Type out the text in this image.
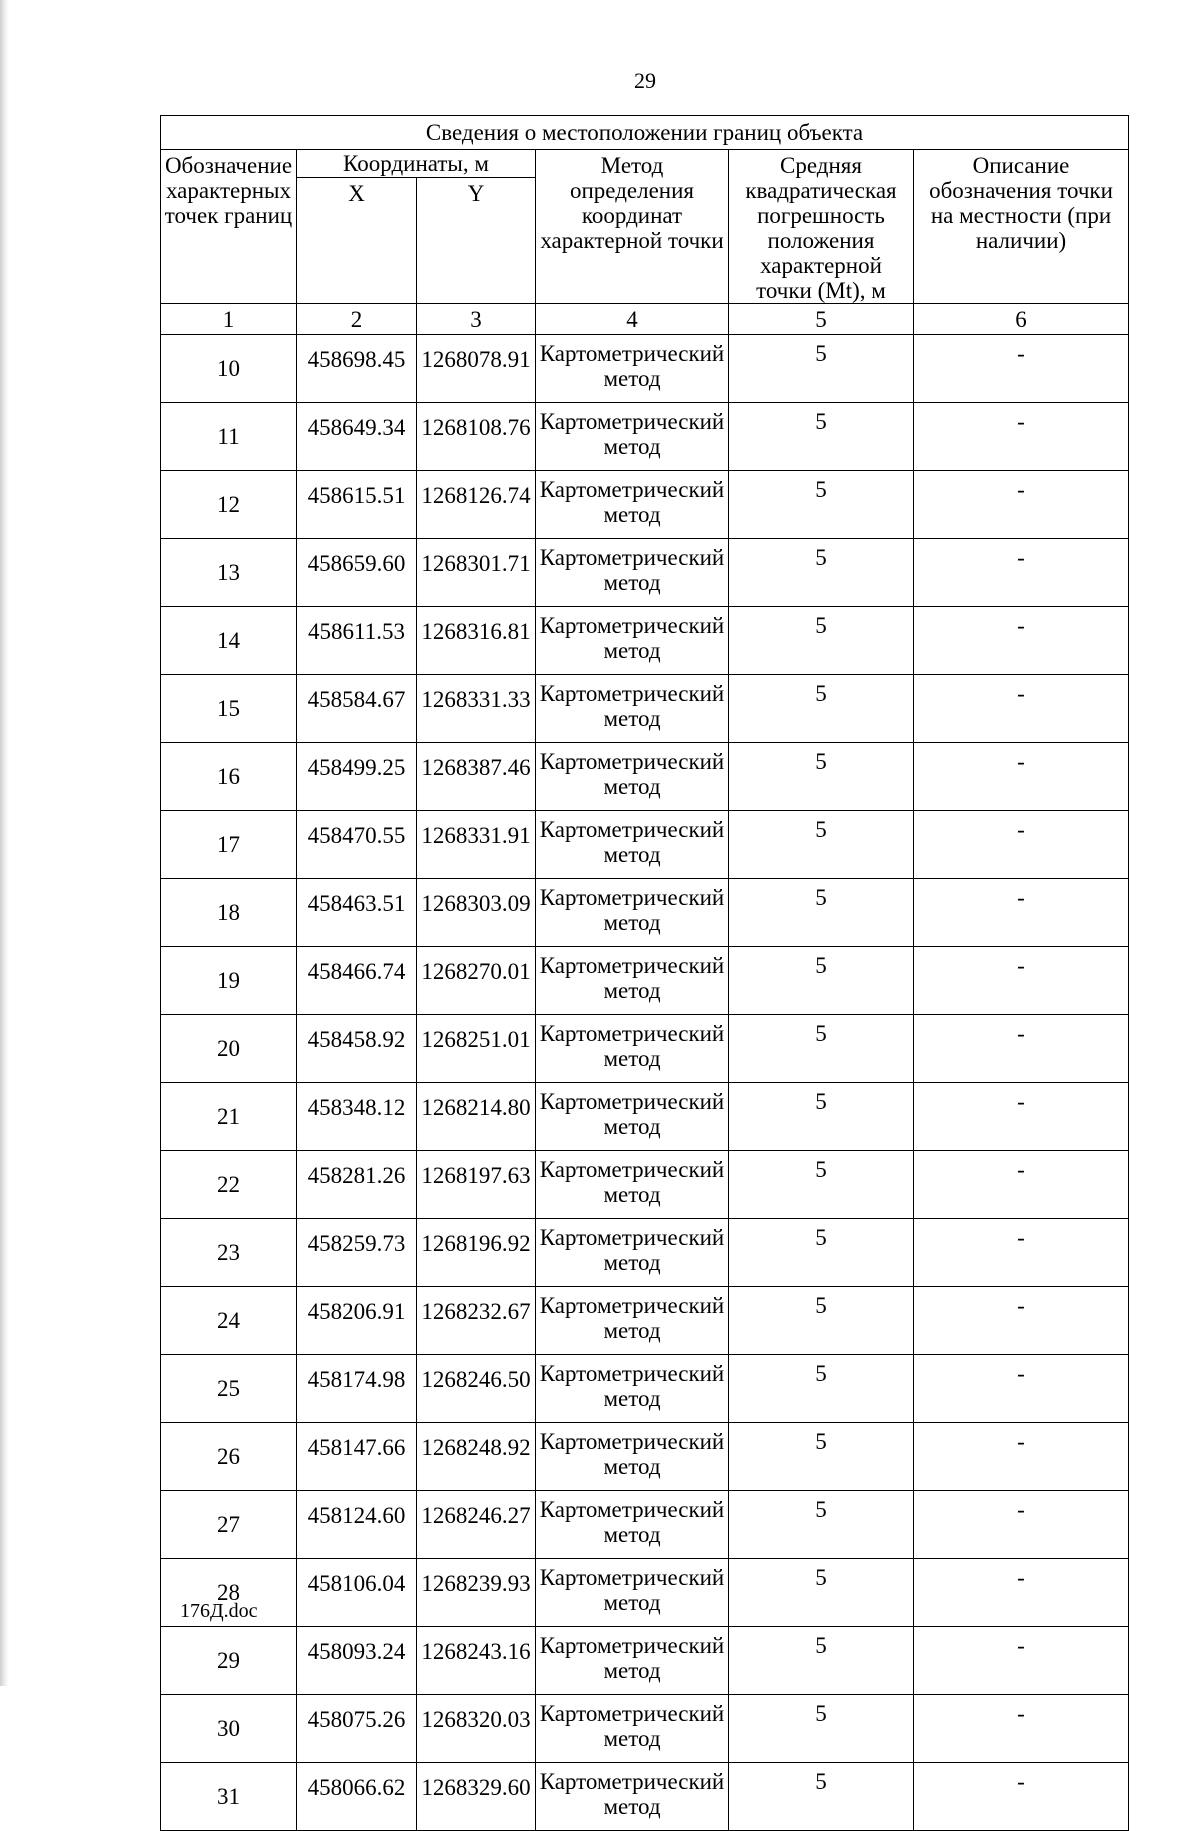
29
Сведения о местоположении границ объекта					
Обозначение характерных точек границ	Координаты, м		Метод определения координат характерной точки	Средняя квадратическая погрешность положения характерной точки (Mt), м	Описание обозначения точки на местности (при наличии)
	X	Y			
1	2	3	4	5	6
10	458698.45	1268078.91	Картометрический метод	5	-
11	458649.34	1268108.76	Картометрический метод	5	-
12	458615.51	1268126.74	Картометрический метод	5	-
13	458659.60	1268301.71	Картометрический метод	5	-
14	458611.53	1268316.81	Картометрический метод	5	-
15	458584.67	1268331.33	Картометрический метод	5	-
16	458499.25	1268387.46	Картометрический метод	5	-
17	458470.55	1268331.91	Картометрический метод	5	-
18	458463.51	1268303.09	Картометрический метод	5	-
19	458466.74	1268270.01	Картометрический метод	5	-
20	458458.92	1268251.01	Картометрический метод	5	-
21	458348.12	1268214.80	Картометрический метод	5	-
22	458281.26	1268197.63	Картометрический метод	5	-
23	458259.73	1268196.92	Картометрический метод	5	-
24	458206.91	1268232.67	Картометрический метод	5	-
25	458174.98	1268246.50	Картометрический метод	5	-
26	458147.66	1268248.92	Картометрический метод	5	-
27	458124.60	1268246.27	Картометрический метод	5	-
28	458106.04	1268239.93	Картометрический метод	5	-
29	458093.24	1268243.16	Картометрический метод	5	-
30	458075.26	1268320.03	Картометрический метод	5	-
31	458066.62	1268329.60	Картометрический метод	5	-
176Д.doc
